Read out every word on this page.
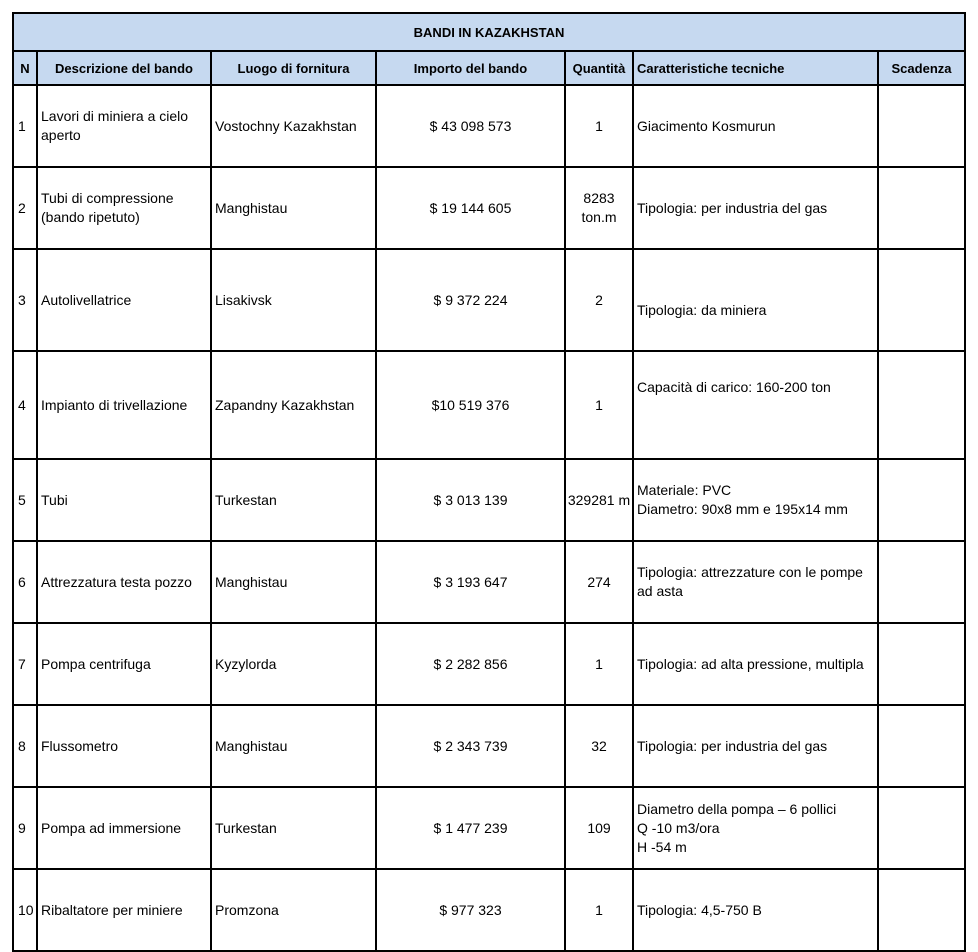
BANDI IN KAZAKHSTAN						
N	Descrizione del bando	Luogo di fornitura	Importo del bando	Quantità	Caratteristiche tecniche	Scadenza
1	Lavori di miniera a cielo aperto	Vostochny Kazakhstan	$ 43 098 573	1	Giacimento Kosmurun	
2	Tubi di compressione (bando ripetuto)	Manghistau	$ 19 144 605	8283 ton.m	Tipologia: per industria del gas	
3	Autolivellatrice	Lisakivsk	$ 9 372 224	2	Tipologia: da miniera	
4	Impianto di trivellazione	Zapandny Kazakhstan	$10 519 376	1	Capacità di carico: 160-200 ton	
5	Tubi	Turkestan	$ 3 013 139	329281 m	Materiale: PVC
Diametro: 90x8 mm e 195x14 mm	
6	Attrezzatura testa pozzo	Manghistau	$ 3 193 647	274	Tipologia: attrezzature con le pompe ad asta	
7	Pompa centrifuga	Kyzylorda	$ 2 282 856	1	Tipologia: ad alta pressione, multipla	
8	Flussometro	Manghistau	$ 2 343 739	32	Tipologia: per industria del gas	
9	Pompa ad immersione	Turkestan	$ 1 477 239	109	Diametro della pompa – 6 pollici
Q -10 m3/ora
H -54 m	
10	Ribaltatore per miniere	Promzona	$ 977 323	1	Tipologia: 4,5-750 B	
